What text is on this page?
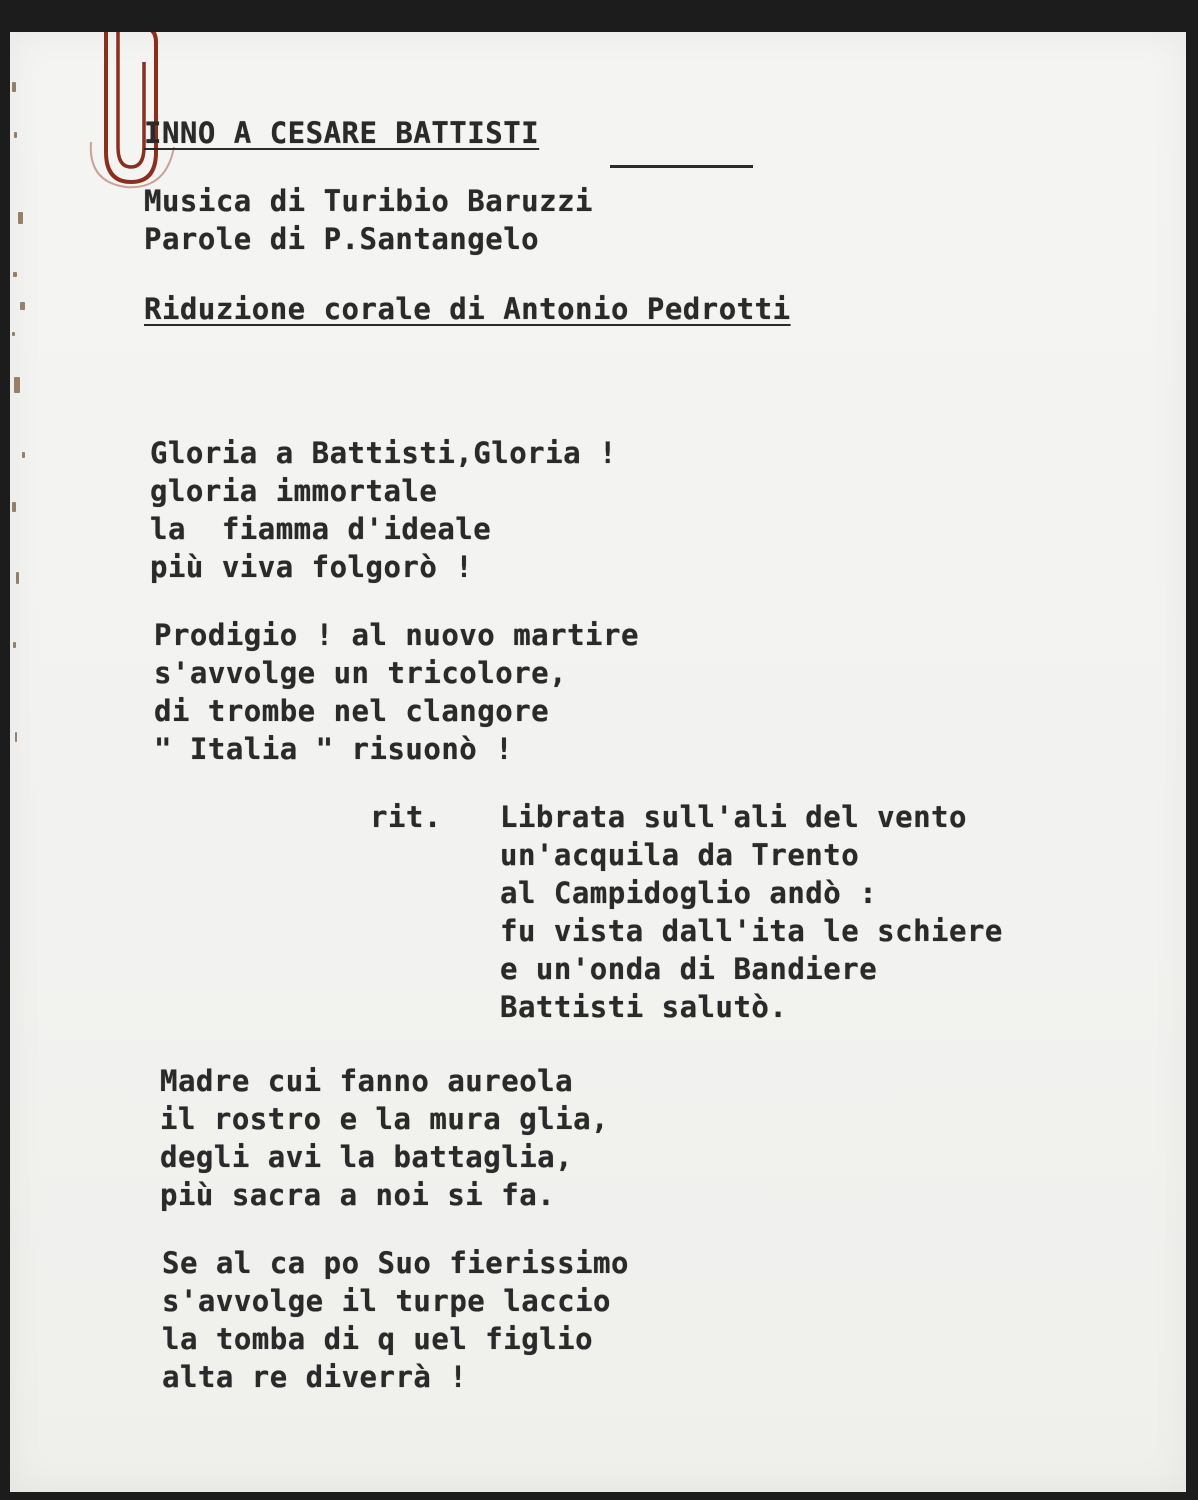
INNO A CESARE BATTISTI
Musica di Turibio Baruzzi
Parole di P.Santangelo
Riduzione corale di Antonio Pedrotti
Gloria a Battisti,Gloria !
gloria immortale
la  fiamma d'ideale
più viva folgorò !
Prodigio ! al nuovo martire
s'avvolge un tricolore,
di trombe nel clangore
" Italia " risuonò !
rit. Librata sull'ali del vento
un'acquila da Trento
al Campidoglio andò :
fu vista dall'ita le schiere
e un'onda di Bandiere
Battisti salutò.
Madre cui fanno aureola
il rostro e la mura glia,
degli avi la battaglia,
più sacra a noi si fa.
Se al ca po Suo fierissimo
s'avvolge il turpe laccio
la tomba di q uel figlio
alta re diverrà !
